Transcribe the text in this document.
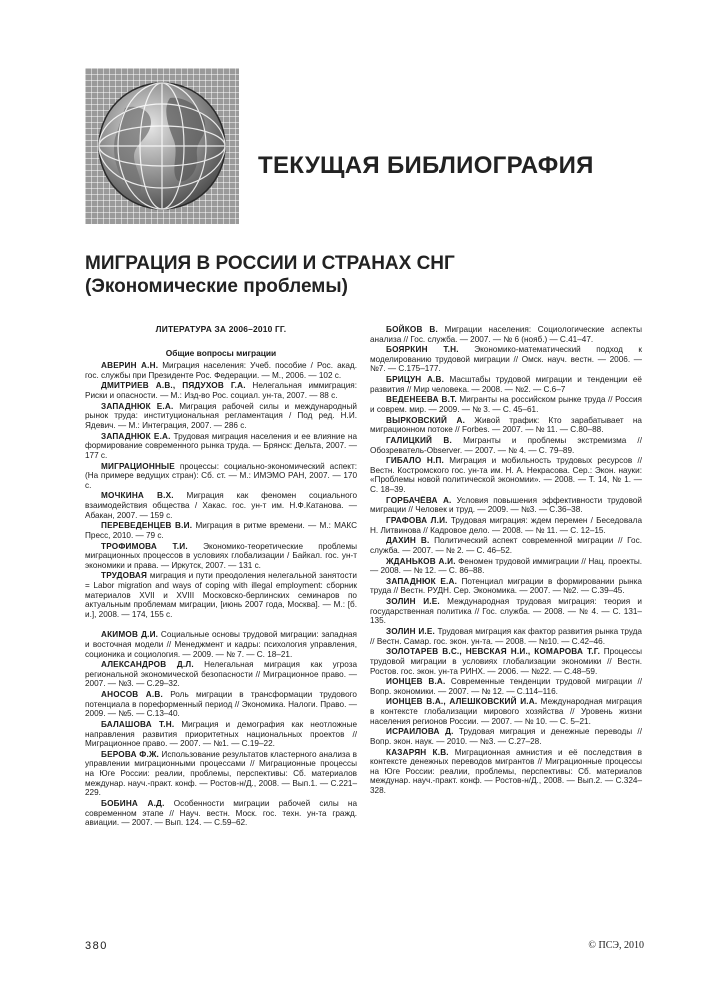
ТЕКУЩАЯ БИБЛИОГРАФИЯ
МИГРАЦИЯ В РОССИИ И СТРАНАХ СНГ
(Экономические проблемы)
ЛИТЕРАТУРА ЗА 2006–2010 ГГ.
Общие вопросы миграции

АВЕРИН А.Н. Миграция населения: Учеб. пособие / Рос. акад. гос. службы при Президенте Рос. Федерации. — М., 2006. — 102 с.

ДМИТРИЕВ А.В., ПЯДУХОВ Г.А. Нелегальная иммиграция: Риски и опасности. — М.: Изд-во Рос. социал. ун-та, 2007. — 88 с.

ЗАПАДНЮК Е.А. Миграция рабочей силы и международный рынок труда: институциональная регламентация / Под ред. Н.И. Ядевич. — М.: Интеграция, 2007. — 286 с.

ЗАПАДНЮК Е.А. Трудовая миграция населения и ее влияние на формирование современного рынка труда. — Брянск: Дельта, 2007. — 177 с.

МИГРАЦИОННЫЕ процессы: социально-экономический аспект: (На примере ведущих стран): Сб. ст. — М.: ИМЭМО РАН, 2007. — 170 с.

МОЧКИНА В.Х. Миграция как феномен социального взаимодействия общества / Хакас. гос. ун-т им. Н.Ф.Катанова. — Абакан, 2007. — 159 с.

ПЕРЕВЕДЕНЦЕВ В.И. Миграция в ритме времени. — М.: МАКС Пресс, 2010. — 79 с.

ТРОФИМОВА Т.И. Экономико-теоретические проблемы миграционных процессов в условиях глобализации / Байкал. гос. ун-т экономики и права. — Иркутск, 2007. — 131 с.

ТРУДОВАЯ миграция и пути преодоления нелегальной занятости = Labor migration and ways of coping with illegal employment: сборник материалов XVII и XVIII Московско-берлинских семинаров по актуальным проблемам миграции, [июнь 2007 года, Москва]. — М.: [б. и.], 2008. — 174, 155 с.

АКИМОВ Д.И. Социальные основы трудовой миграции: западная и восточная модели // Менеджмент и кадры: психология управления, соционика и социология. — 2009. — № 7. — С. 18–21.

АЛЕКСАНДРОВ Д.Л. Нелегальная миграция как угроза региональной экономической безопасности // Миграционное право. — 2007. — №3. — С.29–32.

АНОСОВ А.В. Роль миграции в трансформации трудового потенциала в пореформенный период // Экономика. Налоги. Право. — 2009. — №5. — С.13–40.

БАЛАШОВА Т.Н. Миграция и демография как неотложные направления развития приоритетных национальных проектов // Миграционное право. — 2007. — №1. — С.19–22.

БЕРОВА Ф.Ж. Использование результатов кластерного анализа в управлении миграционными процессами // Миграционные процессы на Юге России: реалии, проблемы, перспективы: Сб. материалов междунар. науч.-практ. конф. — Ростов-н/Д., 2008. — Вып.1. — С.221–229.

БОБИНА А.Д. Особенности миграции рабочей силы на современном этапе // Науч. вестн. Моск. гос. техн. ун-та гражд. авиации. — 2007. — Вып. 124. — С.59–62.

БОЙКОВ В. Миграции населения: Социологические аспекты анализа // Гос. служба. — 2007. — № 6 (нояб.) — С.41–47.

БОЯРКИН Т.Н. Экономико-математический подход к моделированию трудовой миграции // Омск. науч. вестн. — 2006. — №7. — С.175–177.

БРИЦУН А.В. Масштабы трудовой миграции и тенденции её развития // Мир человека. — 2008. — №2. — С.6–7

ВЕДЕНЕЕВА В.Т. Мигранты на российском рынке труда // Россия и соврем. мир. — 2009. — № 3. — С. 45–61.

ВЫРКОВСКИЙ А. Живой трафик: Кто зарабатывает на миграционном потоке // Forbes. — 2007. — № 11. — С.80–88.

ГАЛИЦКИЙ В. Мигранты и проблемы экстремизма // Обозреватель-Observer. — 2007. — № 4. — С. 79–89.

ГИБАЛО Н.П. Миграция и мобильность трудовых ресурсов // Вестн. Костромского гос. ун-та им. Н. А. Некрасова. Сер.: Экон. науки: «Проблемы новой политической экономии». — 2008. — Т. 14, № 1. — С. 18–39.

ГОРБАЧЁВА А. Условия повышения эффективности трудовой миграции // Человек и труд. — 2009. — №3. — С.36–38.

ГРАФОВА Л.И. Трудовая миграция: ждем перемен / Беседовала Н. Литвинова // Кадровое дело. — 2008. — № 11. — С. 12–15.

ДАХИН В. Политический аспект современной миграции // Гос. служба. — 2007. — № 2. — С. 46–52.

ЖДАНЬКОВ А.И. Феномен трудовой иммиграции // Нац. проекты. — 2008. — № 12. — С. 86–88.

ЗАПАДНЮК Е.А. Потенциал миграции в формировании рынка труда // Вестн. РУДН. Сер. Экономика. — 2007. — №2. — С.39–45.

ЗОЛИН И.Е. Международная трудовая миграция: теория и государственная политика // Гос. служба. — 2008. — № 4. — С. 131–135.

ЗОЛИН И.Е. Трудовая миграция как фактор развития рынка труда // Вестн. Самар. гос. экон. ун-та. — 2008. — №10. — С.42–46.

ЗОЛОТАРЕВ В.С., НЕВСКАЯ Н.И., КОМАРОВА Т.Г. Процессы трудовой миграции в условиях глобализации экономики // Вестн. Ростов. гос. экон. ун-та РИНХ. — 2006. — №22. — С.48–59.

ИОНЦЕВ В.А. Современные тенденции трудовой миграции // Вопр. экономики. — 2007. — № 12. — С.114–116.

ИОНЦЕВ В.А., АЛЕШКОВСКИЙ И.А. Международная миграция в контексте глобализации мирового хозяйства // Уровень жизни населения регионов России. — 2007. — № 10. — С. 5–21.

ИСРАИЛОВА Д. Трудовая миграция и денежные переводы // Вопр. экон. наук. — 2010. — №3. — С.27–28.

КАЗАРЯН К.В. Миграционная амнистия и её последствия в контексте денежных переводов мигрантов // Миграционные процессы на Юге России: реалии, проблемы, перспективы: Сб. материалов междунар. науч.-практ. конф. — Ростов-н/Д., 2008. — Вып.2. — С.324–328.

380	© ПСЭ, 2010
